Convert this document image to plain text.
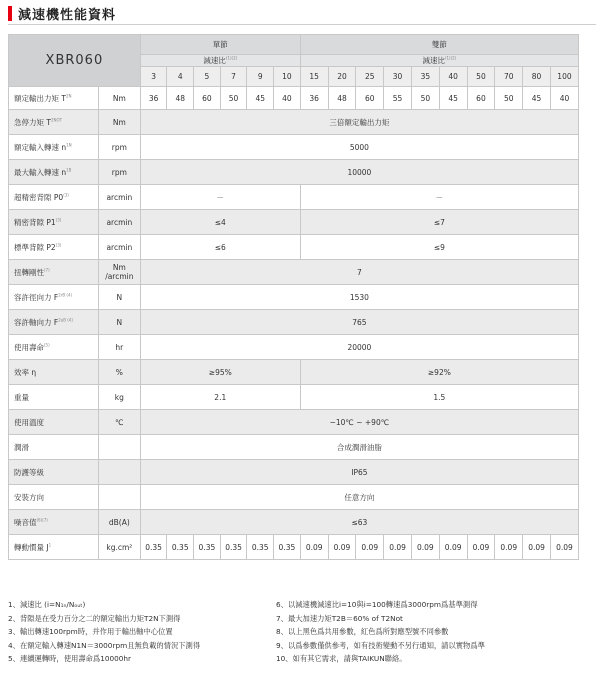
減速機性能資料
XBR060		單節						雙節									
		減速比$^{(1)(2)}$						減速比$^{(1)(2)}$
		3	4	5	7	9	10	15	20	25	30	35	40	50	70	80	100
額定輸出力矩 T$^{2N}$	Nm	36	48	60	50	45	40	36	48	60	55	50	45	60	50	45	40
急停力矩 T$^{2NOT}$	Nm	三倍額定輸出力矩															
額定輸入轉速 n$^{1N}$	rpm	5000															
最大輸入轉速 n$^{1B}$	rpm	10000															
超精密背隙 P0$^{(3)}$	arcmin	－						－									
精密背隙 P1$^{(3)}$	arcmin	≤4						≤7									
標準背隙 P2$^{(3)}$	arcmin	≤6						≤9									
扭轉剛性$^{(7)}$	Nm
/arcmin	7															
容許徑向力 F$^{2rB (4)}$	N	1530															
容許軸向力 F$^{2aB (4)}$	N	765															
使用壽命$^{(5)}$	hr	20000															
效率 η	%	≥95%						≥92%									
重量	kg	2.1						1.5									
使用溫度	℃	−10℃ ~ +90℃															
潤滑		合成潤滑油脂															
防護等級		IP65															
安裝方向		任意方向															
噪音值$^{(6)(7)}$	dB(A)	≤63															
轉動慣量 J$^1$	kg.cm²	0.35	0.35	0.35	0.35	0.35	0.35	0.09	0.09	0.09	0.09	0.09	0.09	0.09	0.09	0.09	0.09
1、減速比 (i=N₁ₙ/Nₒᵤₜ)
2、背隙是在受力百分之二的額定輸出力矩T2N下測得
3、輸出轉速100rpm時，并作用于輸出軸中心位置
4、在額定輸入轉速N1N＝3000rpm且無負載的情況下測得
5、連續運轉時，使用壽命爲10000hr
6、以減速機減速比i=10與i=100轉速爲3000rpm爲基準測得
7、最大加速力矩T2B＝60% of T2Not
8、以上黑色爲共用參數，紅色爲所對應型號不同參數
9、以爲參數僅供參考，如有技術變動不另行通知，請以實物爲準
10、如有其它需求，請與TAIKUN聯絡。
